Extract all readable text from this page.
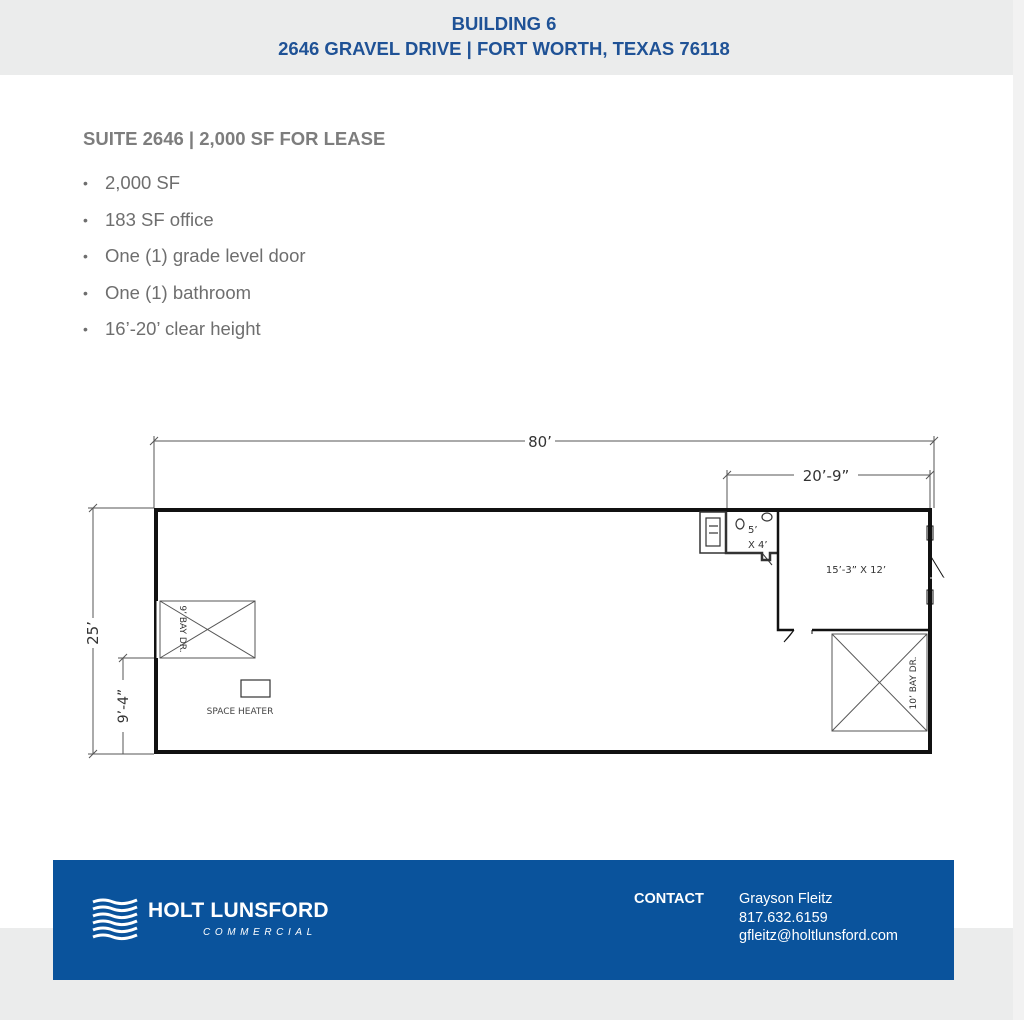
BUILDING 6
2646 GRAVEL DRIVE | FORT WORTH, TEXAS 76118
SUITE 2646 | 2,000 SF FOR LEASE
• 2,000 SF
• 183 SF office
• One (1) grade level door
• One (1) bathroom
• 16’-20’ clear height
80’
20’-9”
25’
9’-4”
9’ BAY DR.
SPACE HEATER
5’
X 4’
15’-3” X 12’
10’ BAY DR.
HOLT LUNSFORD
COMMERCIAL
CONTACT Grayson Fleitz
817.632.6159
gfleitz@holtlunsford.com
